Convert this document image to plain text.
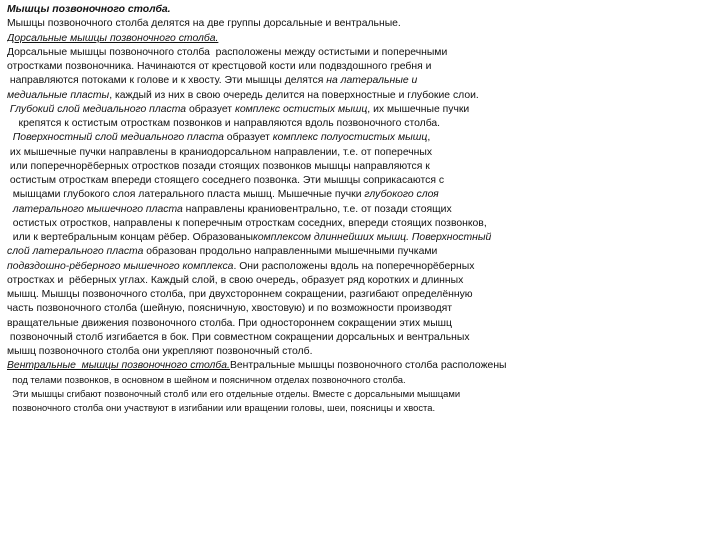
Мышцы позвоночного столба.
Мышцы позвоночного столба делятся на две группы дорсальные и вентральные.
Дорсальные мышцы позвоночного столба.
Дорсальные мышцы позвоночного столба  расположены между остистыми и поперечными
отростками позвоночника. Начинаются от крестцовой кости или подвздошного гребня и
направляются потоками к голове и к хвосту. Эти мышцы делятся на латеральные и
медиальные пласты, каждый из них в свою очередь делится на поверхностные и глубокие слои.
Глубокий слой медиального пласта образует комплекс остистых мышц, их мышечные пучки
крепятся к остистым отросткам позвонков и направляются вдоль позвоночного столба.
Поверхностный слой медиального пласта образует комплекс полуостистых мышц,
их мышечные пучки направлены в краниодорсальном направлении, т.е. от поперечных
или поперечнорёберных отростков позади стоящих позвонков мышцы направляются к
остистым отросткам впереди стоящего соседнего позвонка. Эти мышцы соприкасаются с
мышцами глубокого слоя латерального пласта мышц. Мышечные пучки глубокого слоя
латерального мышечного пласта направлены краниовентрально, т.е. от позади стоящих
остистых отростков, направлены к поперечным отросткам соседних, впереди стоящих позвонков,
или к вертебральным концам рёбер. Образованыкомплексом длиннейших мышц. Поверхностный
слой латерального пласта образован продольно направленными мышечными пучками
подвздошно-рёберного мышечного комплекса. Они расположены вдоль на поперечнорёберных
отростках и  рёберных углах. Каждый слой, в свою очередь, образует ряд коротких и длинных
мышц. Мышцы позвоночного столба, при двухстороннем сокращении, разгибают определённую
часть позвоночного столба (шейную, поясничную, хвостовую) и по возможности производят
вращательные движения позвоночного столба. При одностороннем сокращении этих мышц
позвоночный столб изгибается в бок. При совместном сокращении дорсальных и вентральных
мышц позвоночного столба они укрепляют позвоночный столб.
Вентральные  мышцы позвоночного столба.Вентральные мышцы позвоночного столба расположены
под телами позвонков, в основном в шейном и поясничном отделах позвоночного столба.
Эти мышцы сгибают позвоночный столб или его отдельные отделы. Вместе с дорсальными мышцами
позвоночного столба они участвуют в изгибании или вращении головы, шеи, поясницы и хвоста.
